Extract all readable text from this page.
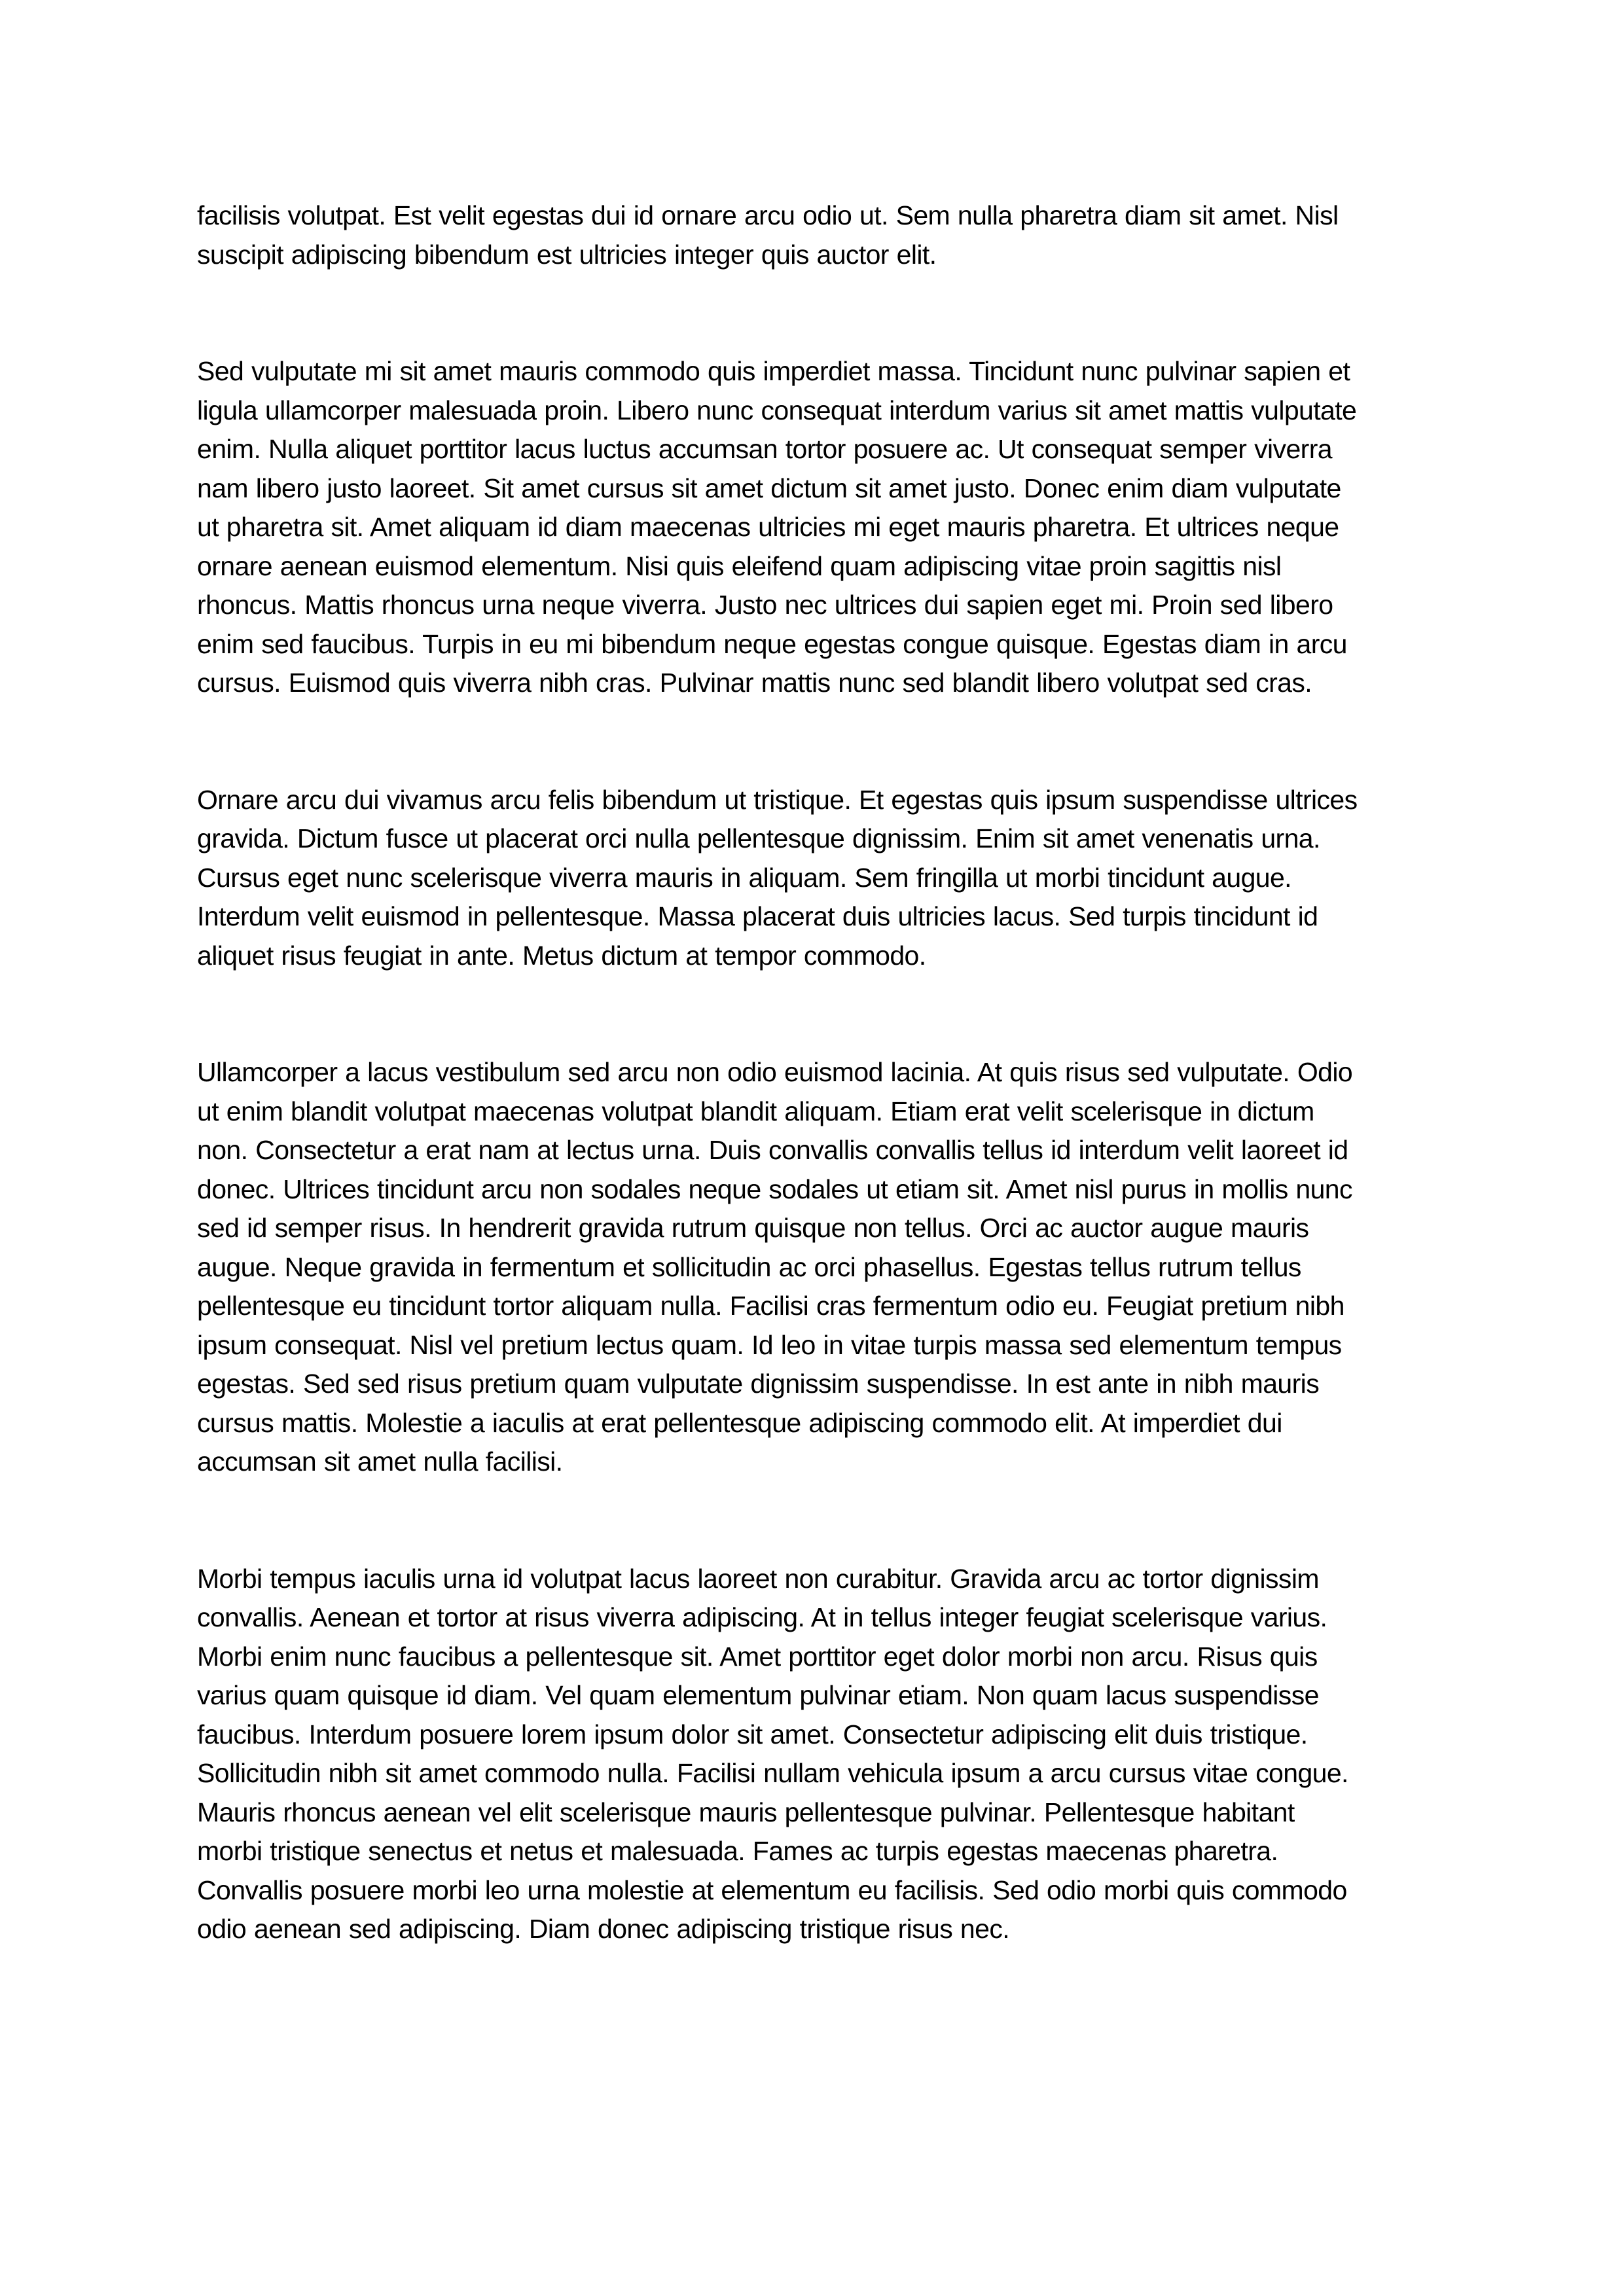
facilisis volutpat. Est velit egestas dui id ornare arcu odio ut. Sem nulla pharetra diam sit amet. Nisl
suscipit adipiscing bibendum est ultricies integer quis auctor elit.

Sed vulputate mi sit amet mauris commodo quis imperdiet massa. Tincidunt nunc pulvinar sapien et
ligula ullamcorper malesuada proin. Libero nunc consequat interdum varius sit amet mattis vulputate
enim. Nulla aliquet porttitor lacus luctus accumsan tortor posuere ac. Ut consequat semper viverra
nam libero justo laoreet. Sit amet cursus sit amet dictum sit amet justo. Donec enim diam vulputate
ut pharetra sit. Amet aliquam id diam maecenas ultricies mi eget mauris pharetra. Et ultrices neque
ornare aenean euismod elementum. Nisi quis eleifend quam adipiscing vitae proin sagittis nisl
rhoncus. Mattis rhoncus urna neque viverra. Justo nec ultrices dui sapien eget mi. Proin sed libero
enim sed faucibus. Turpis in eu mi bibendum neque egestas congue quisque. Egestas diam in arcu
cursus. Euismod quis viverra nibh cras. Pulvinar mattis nunc sed blandit libero volutpat sed cras.

Ornare arcu dui vivamus arcu felis bibendum ut tristique. Et egestas quis ipsum suspendisse ultrices
gravida. Dictum fusce ut placerat orci nulla pellentesque dignissim. Enim sit amet venenatis urna.
Cursus eget nunc scelerisque viverra mauris in aliquam. Sem fringilla ut morbi tincidunt augue.
Interdum velit euismod in pellentesque. Massa placerat duis ultricies lacus. Sed turpis tincidunt id
aliquet risus feugiat in ante. Metus dictum at tempor commodo.

Ullamcorper a lacus vestibulum sed arcu non odio euismod lacinia. At quis risus sed vulputate. Odio
ut enim blandit volutpat maecenas volutpat blandit aliquam. Etiam erat velit scelerisque in dictum
non. Consectetur a erat nam at lectus urna. Duis convallis convallis tellus id interdum velit laoreet id
donec. Ultrices tincidunt arcu non sodales neque sodales ut etiam sit. Amet nisl purus in mollis nunc
sed id semper risus. In hendrerit gravida rutrum quisque non tellus. Orci ac auctor augue mauris
augue. Neque gravida in fermentum et sollicitudin ac orci phasellus. Egestas tellus rutrum tellus
pellentesque eu tincidunt tortor aliquam nulla. Facilisi cras fermentum odio eu. Feugiat pretium nibh
ipsum consequat. Nisl vel pretium lectus quam. Id leo in vitae turpis massa sed elementum tempus
egestas. Sed sed risus pretium quam vulputate dignissim suspendisse. In est ante in nibh mauris
cursus mattis. Molestie a iaculis at erat pellentesque adipiscing commodo elit. At imperdiet dui
accumsan sit amet nulla facilisi.

Morbi tempus iaculis urna id volutpat lacus laoreet non curabitur. Gravida arcu ac tortor dignissim
convallis. Aenean et tortor at risus viverra adipiscing. At in tellus integer feugiat scelerisque varius.
Morbi enim nunc faucibus a pellentesque sit. Amet porttitor eget dolor morbi non arcu. Risus quis
varius quam quisque id diam. Vel quam elementum pulvinar etiam. Non quam lacus suspendisse
faucibus. Interdum posuere lorem ipsum dolor sit amet. Consectetur adipiscing elit duis tristique.
Sollicitudin nibh sit amet commodo nulla. Facilisi nullam vehicula ipsum a arcu cursus vitae congue.
Mauris rhoncus aenean vel elit scelerisque mauris pellentesque pulvinar. Pellentesque habitant
morbi tristique senectus et netus et malesuada. Fames ac turpis egestas maecenas pharetra.
Convallis posuere morbi leo urna molestie at elementum eu facilisis. Sed odio morbi quis commodo
odio aenean sed adipiscing. Diam donec adipiscing tristique risus nec.
